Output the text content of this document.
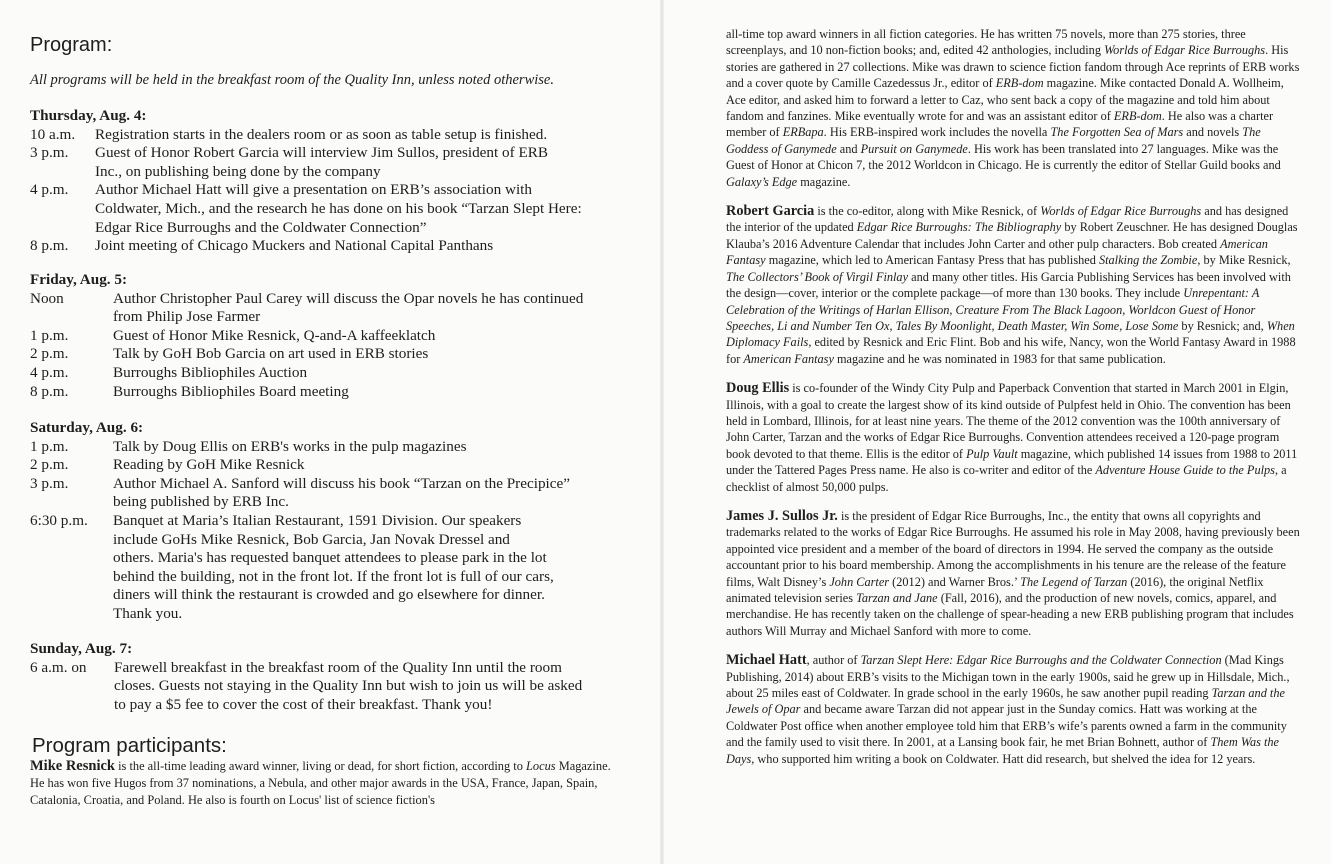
Program:
All programs will be held in the breakfast room of the Quality Inn, unless noted otherwise.
Thursday, Aug. 4:
10 a.m.	Registration starts in the dealers room or as soon as table setup is finished.
3 p.m.	Guest of Honor Robert Garcia will interview Jim Sullos, president of ERB
Inc., on publishing being done by the company
4 p.m.	Author Michael Hatt will give a presentation on ERB’s association with
Coldwater, Mich., and the research he has done on his book “Tarzan Slept Here:
Edgar Rice Burroughs and the Coldwater Connection”
8 p.m.	Joint meeting of Chicago Muckers and National Capital Panthans
Friday, Aug. 5:
Noon	Author Christopher Paul Carey will discuss the Opar novels he has continued
from Philip Jose Farmer
1 p.m.	Guest of Honor Mike Resnick, Q-and-A kaffeeklatch
2 p.m.	Talk by GoH Bob Garcia on art used in ERB stories
4 p.m.	Burroughs Bibliophiles Auction
8 p.m.	Burroughs Bibliophiles Board meeting
Saturday, Aug. 6:
1 p.m.	Talk by Doug Ellis on ERB's works in the pulp magazines
2 p.m.	Reading by GoH Mike Resnick
3 p.m.	Author Michael A. Sanford will discuss his book “Tarzan on the Precipice”
being published by ERB Inc.
6:30 p.m.	Banquet at Maria’s Italian Restaurant, 1591 Division. Our speakers
include GoHs Mike Resnick, Bob Garcia, Jan Novak Dressel and
others. Maria's has requested banquet attendees to please park in the lot
behind the building, not in the front lot. If the front lot is full of our cars,
diners will think the restaurant is crowded and go elsewhere for dinner.
Thank you.
Sunday, Aug. 7:
6 a.m. on	Farewell breakfast in the breakfast room of the Quality Inn until the room
closes. Guests not staying in the Quality Inn but wish to join us will be asked
to pay a $5 fee to cover the cost of their breakfast. Thank you!
Program participants:
Mike Resnick is the all-time leading award winner, living or dead, for short fiction, according to Locus Magazine. He has won five Hugos from 37 nominations, a Nebula, and other major awards in the USA, France, Japan, Spain, Catalonia, Croatia, and Poland. He also is fourth on Locus' list of science fiction's

all-time top award winners in all fiction categories. He has written 75 novels, more than 275 stories, three screenplays, and 10 non-fiction books; and, edited 42 anthologies, including Worlds of Edgar Rice Burroughs. His stories are gathered in 27 collections. Mike was drawn to science fiction fandom through Ace reprints of ERB works and a cover quote by Camille Cazedessus Jr., editor of ERB-dom magazine. Mike contacted Donald A. Wollheim, Ace editor, and asked him to forward a letter to Caz, who sent back a copy of the magazine and told him about fandom and fanzines. Mike eventually wrote for and was an assistant editor of ERB-dom. He also was a charter member of ERBapa. His ERB-inspired work includes the novella The Forgotten Sea of Mars and novels The Goddess of Ganymede and Pursuit on Ganymede. His work has been translated into 27 languages. Mike was the Guest of Honor at Chicon 7, the 2012 Worldcon in Chicago. He is currently the editor of Stellar Guild books and Galaxy’s Edge magazine.

Robert Garcia is the co-editor, along with Mike Resnick, of Worlds of Edgar Rice Burroughs and has designed the interior of the updated Edgar Rice Burroughs: The Bibliography by Robert Zeuschner. He has designed Douglas Klauba’s 2016 Adventure Calendar that includes John Carter and other pulp characters. Bob created American Fantasy magazine, which led to American Fantasy Press that has published Stalking the Zombie, by Mike Resnick, The Collectors’ Book of Virgil Finlay and many other titles. His Garcia Publishing Services has been involved with the design—cover, interior or the complete package—of more than 130 books. They include Unrepentant: A Celebration of the Writings of Harlan Ellison, Creature From The Black Lagoon, Worldcon Guest of Honor Speeches, Li and Number Ten Ox, Tales By Moonlight, Death Master, Win Some, Lose Some by Resnick; and, When Diplomacy Fails, edited by Resnick and Eric Flint. Bob and his wife, Nancy, won the World Fantasy Award in 1988 for American Fantasy magazine and he was nominated in 1983 for that same publication.

Doug Ellis is co-founder of the Windy City Pulp and Paperback Convention that started in March 2001 in Elgin, Illinois, with a goal to create the largest show of its kind outside of Pulpfest held in Ohio. The convention has been held in Lombard, Illinois, for at least nine years. The theme of the 2012 convention was the 100th anniversary of John Carter, Tarzan and the works of Edgar Rice Burroughs. Convention attendees received a 120-page program book devoted to that theme. Ellis is the editor of Pulp Vault magazine, which published 14 issues from 1988 to 2011 under the Tattered Pages Press name. He also is co-writer and editor of the Adventure House Guide to the Pulps, a checklist of almost 50,000 pulps.

James J. Sullos Jr. is the president of Edgar Rice Burroughs, Inc., the entity that owns all copyrights and trademarks related to the works of Edgar Rice Burroughs. He assumed his role in May 2008, having previously been appointed vice president and a member of the board of directors in 1994. He served the company as the outside accountant prior to his board membership. Among the accomplishments in his tenure are the release of the feature films, Walt Disney’s John Carter (2012) and Warner Bros.’ The Legend of Tarzan (2016), the original Netflix animated television series Tarzan and Jane (Fall, 2016), and the production of new novels, comics, apparel, and merchandise. He has recently taken on the challenge of spear-heading a new ERB publishing program that includes authors Will Murray and Michael Sanford with more to come.

Michael Hatt, author of Tarzan Slept Here: Edgar Rice Burroughs and the Coldwater Connection (Mad Kings Publishing, 2014) about ERB’s visits to the Michigan town in the early 1900s, said he grew up in Hillsdale, Mich., about 25 miles east of Coldwater. In grade school in the early 1960s, he saw another pupil reading Tarzan and the Jewels of Opar and became aware Tarzan did not appear just in the Sunday comics. Hatt was working at the Coldwater Post office when another employee told him that ERB’s wife’s parents owned a farm in the community and the family used to visit there. In 2001, at a Lansing book fair, he met Brian Bohnett, author of Them Was the Days, who supported him writing a book on Coldwater. Hatt did research, but shelved the idea for 12 years.
